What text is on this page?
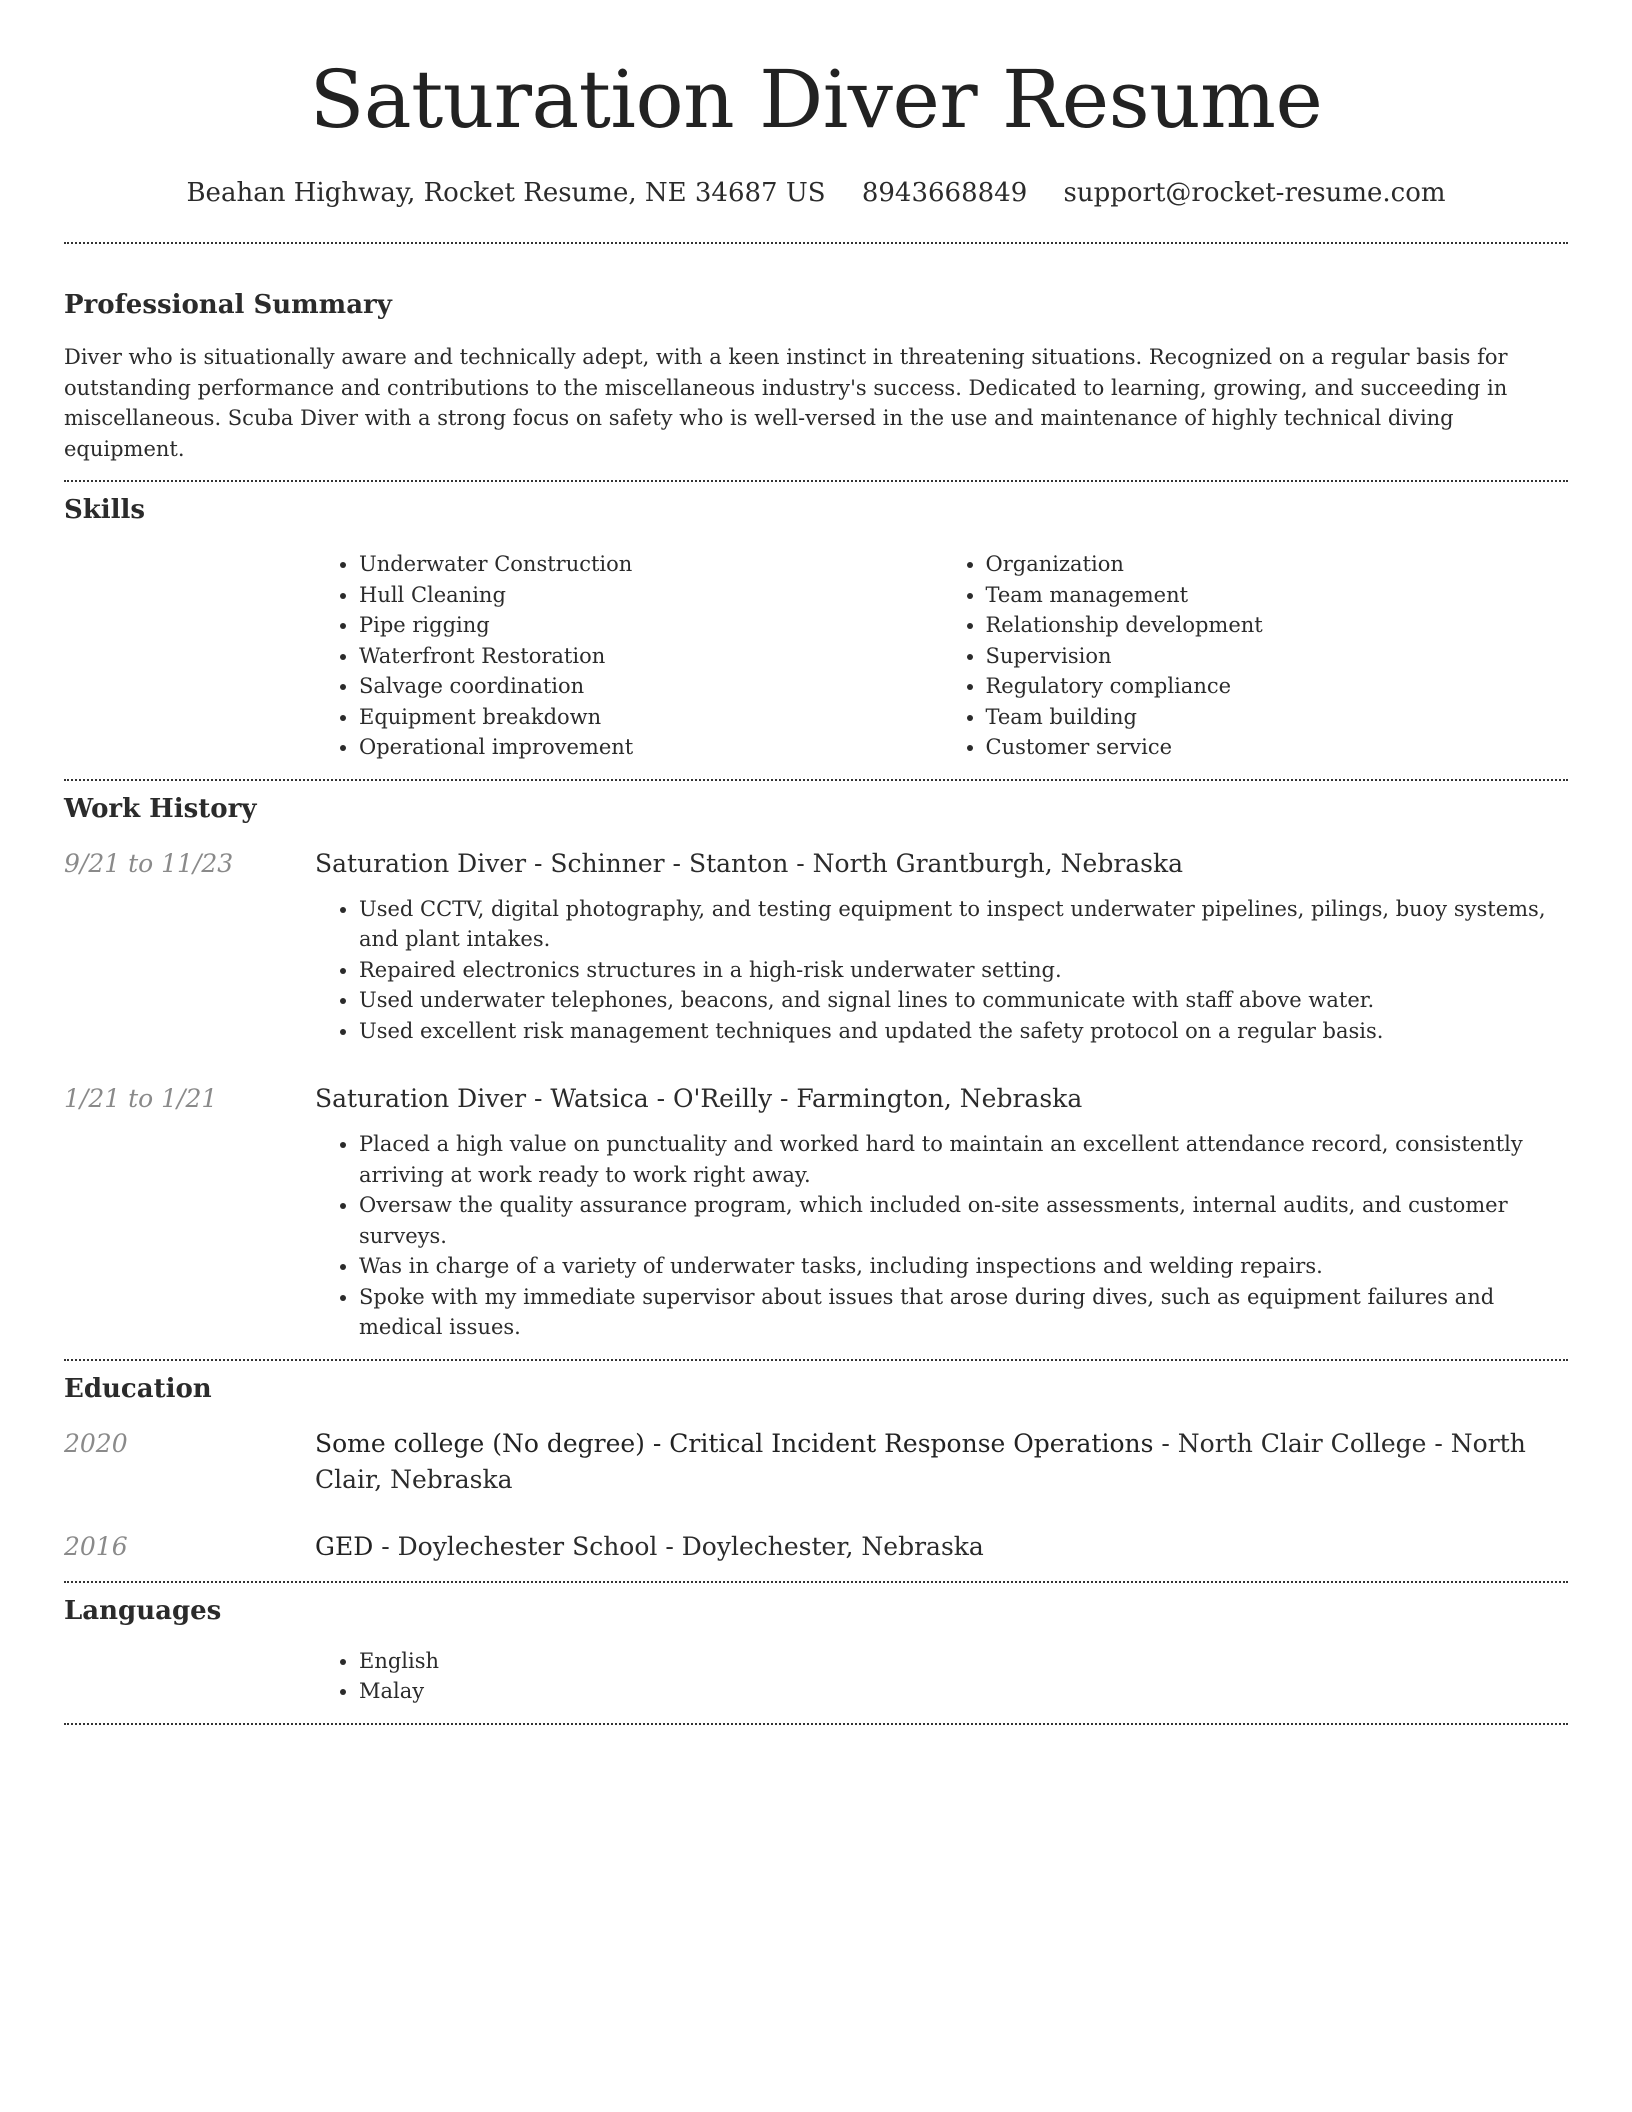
Saturation Diver Resume
Beahan Highway, Rocket Resume, NE 34687 US 8943668849 support@rocket-resume.com
Professional Summary

Diver who is situationally aware and technically adept, with a keen instinct in threatening situations. Recognized on a regular basis for outstanding performance and contributions to the miscellaneous industry's success. Dedicated to learning, growing, and succeeding in miscellaneous. Scuba Diver with a strong focus on safety who is well-versed in the use and maintenance of highly technical diving equipment.

Skills
• Underwater Construction
• Hull Cleaning
• Pipe rigging
• Waterfront Restoration
• Salvage coordination
• Equipment breakdown
• Operational improvement
• Organization
• Team management
• Relationship development
• Supervision
• Regulatory compliance
• Team building
• Customer service
Work History
9/21 to 11/23	Saturation Diver - Schinner - Stanton - North Grantburgh, Nebraska
• Used CCTV, digital photography, and testing equipment to inspect underwater pipelines, pilings, buoy systems, and plant intakes.
• Repaired electronics structures in a high-risk underwater setting.
• Used underwater telephones, beacons, and signal lines to communicate with staff above water.
• Used excellent risk management techniques and updated the safety protocol on a regular basis.
1/21 to 1/21	Saturation Diver - Watsica - O'Reilly - Farmington, Nebraska
• Placed a high value on punctuality and worked hard to maintain an excellent attendance record, consistently arriving at work ready to work right away.
• Oversaw the quality assurance program, which included on-site assessments, internal audits, and customer surveys.
• Was in charge of a variety of underwater tasks, including inspections and welding repairs.
• Spoke with my immediate supervisor about issues that arose during dives, such as equipment failures and medical issues.
Education
2020	Some college (No degree) - Critical Incident Response Operations - North Clair College - North Clair, Nebraska
2016	GED - Doylechester School - Doylechester, Nebraska
Languages
• English
• Malay
